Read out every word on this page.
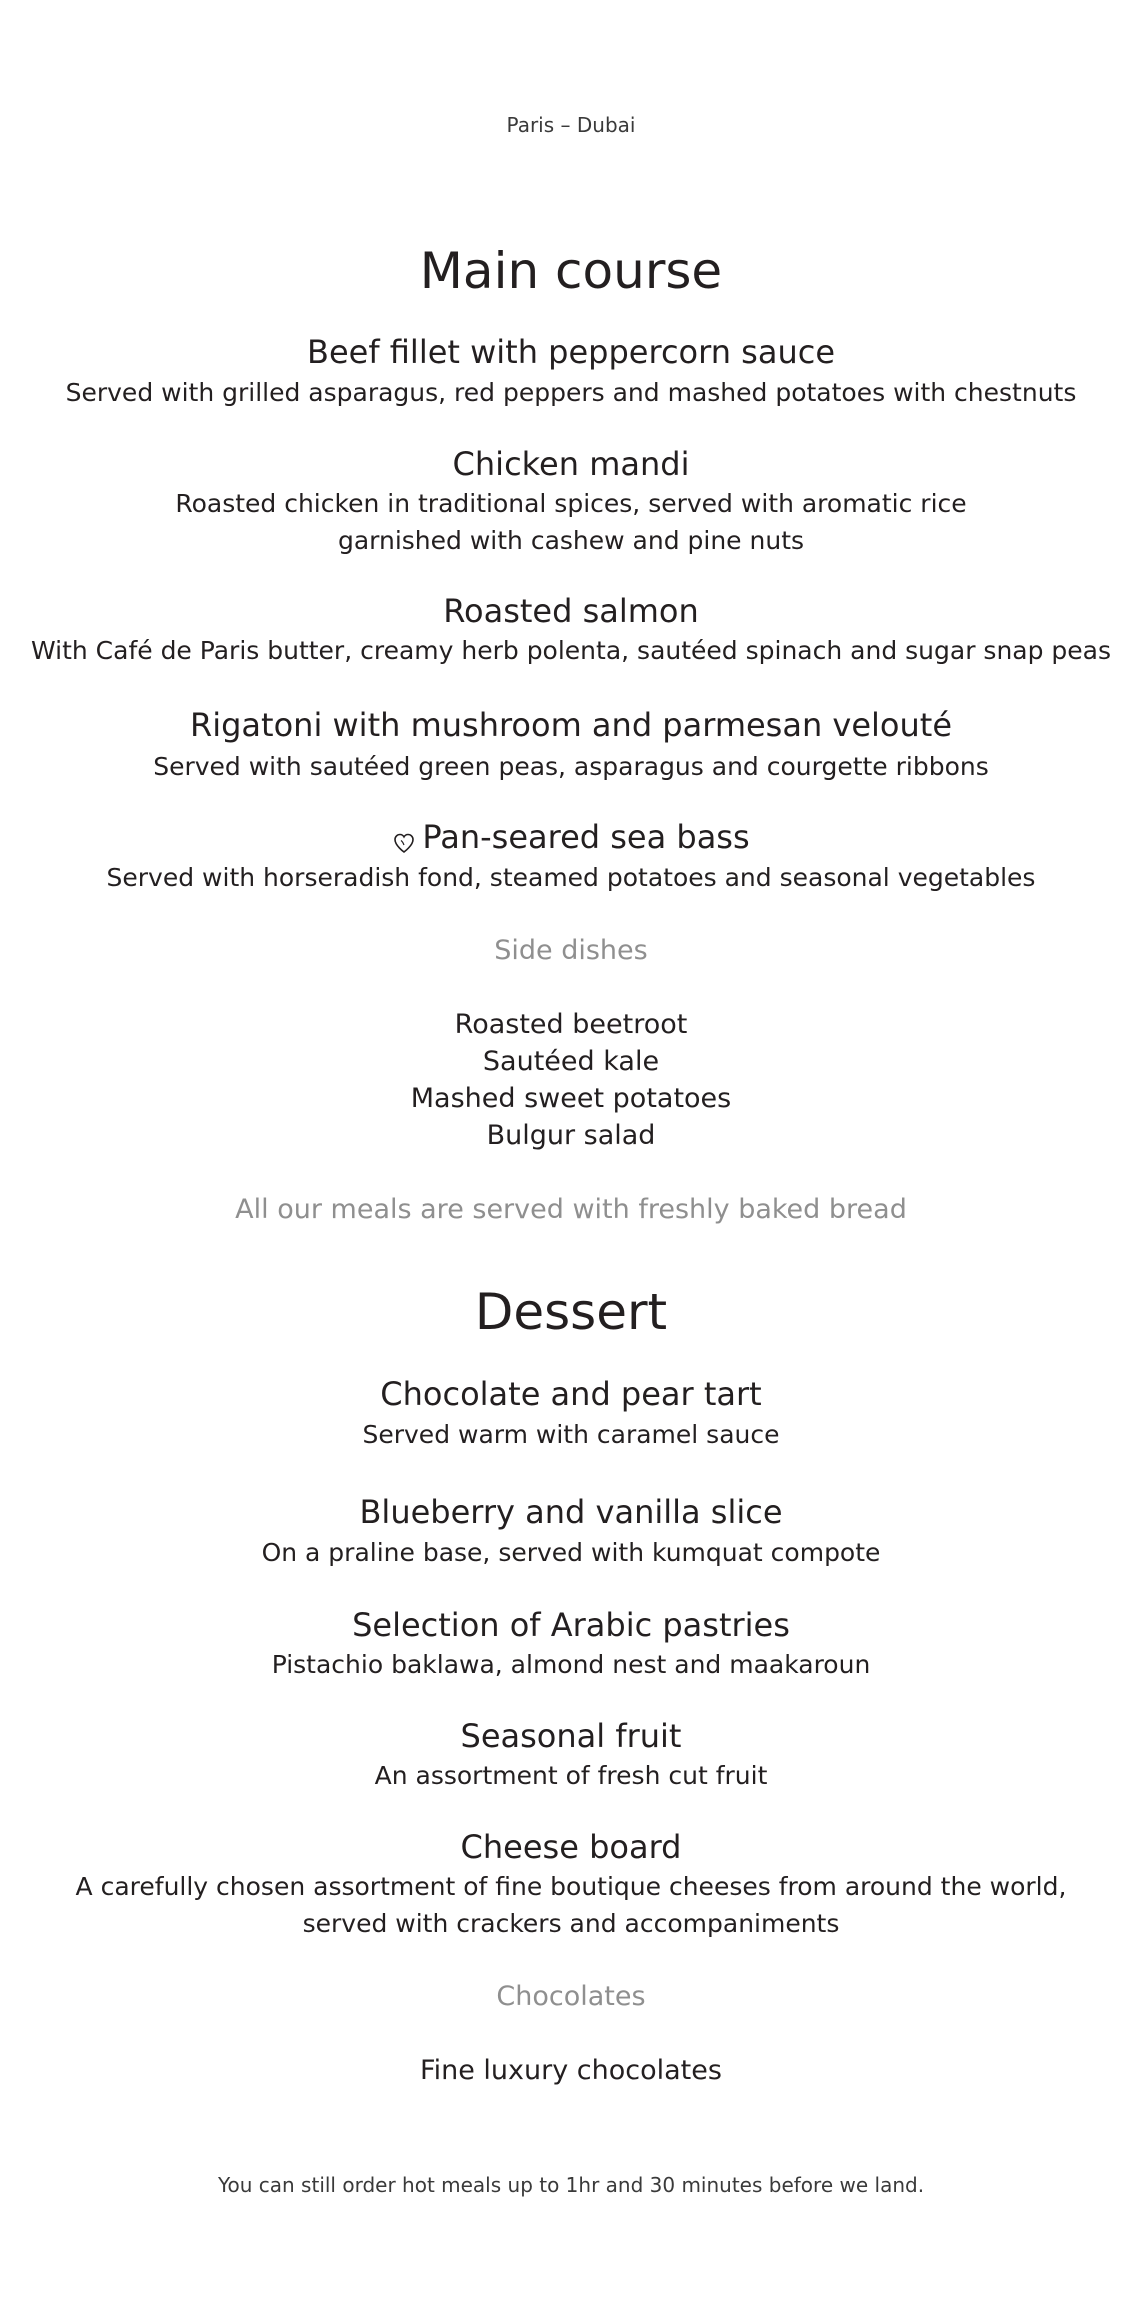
Paris – Dubai
Main course
Beef fillet with peppercorn sauce
Served with grilled asparagus, red peppers and mashed potatoes with chestnuts
Chicken mandi
Roasted chicken in traditional spices, served with aromatic rice
garnished with cashew and pine nuts
Roasted salmon
With Café de Paris butter, creamy herb polenta, sautéed spinach and sugar snap peas
Rigatoni with mushroom and parmesan velouté
Served with sautéed green peas, asparagus and courgette ribbons
Pan-seared sea bass
Served with horseradish fond, steamed potatoes and seasonal vegetables
Side dishes
Roasted beetroot
Sautéed kale
Mashed sweet potatoes
Bulgur salad
All our meals are served with freshly baked bread
Dessert
Chocolate and pear tart
Served warm with caramel sauce
Blueberry and vanilla slice
On a praline base, served with kumquat compote
Selection of Arabic pastries
Pistachio baklawa, almond nest and maakaroun
Seasonal fruit
An assortment of fresh cut fruit
Cheese board
A carefully chosen assortment of fine boutique cheeses from around the world,
served with crackers and accompaniments
Chocolates
Fine luxury chocolates
You can still order hot meals up to 1hr and 30 minutes before we land.
